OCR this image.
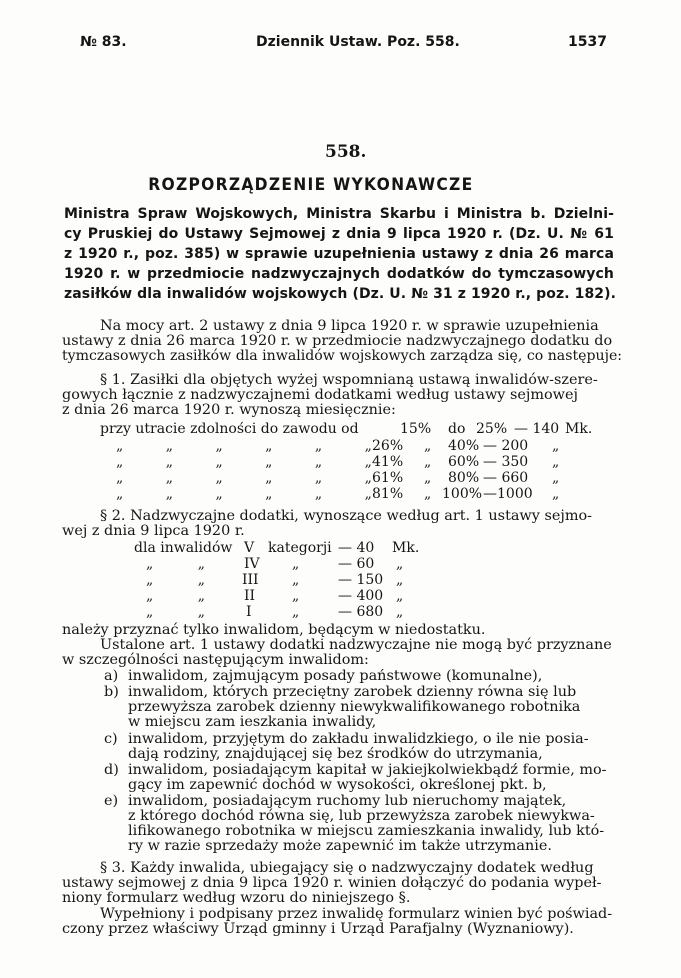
№ 83.	Dziennik Ustaw. Poz. 558.	1537
558.
ROZPORZĄDZENIE WYKONAWCZE
Ministra Spraw Wojskowych, Ministra Skarbu i Ministra b. Dzielni-
cy Pruskiej do Ustawy Sejmowej z dnia 9 lipca 1920 r. (Dz. U. № 61
z 1920 r., poz. 385) w sprawie uzupełnienia ustawy z dnia 26 marca
1920 r. w przedmiocie nadzwyczajnych dodatków do tymczasowych
zasiłków dla inwalidów wojskowych (Dz. U. № 31 z 1920 r., poz. 182).
Na mocy art. 2 ustawy z dnia 9 lipca 1920 r. w sprawie uzupełnienia
ustawy z dnia 26 marca 1920 r. w przedmiocie nadzwyczajnego dodatku do
tymczasowych zasiłków dla inwalidów wojskowych zarządza się, co następuje:
§ 1. Zasiłki dla objętych wyżej wspomnianą ustawą inwalidów-szere-
gowych łącznie z nadzwyczajnemi dodatkami według ustawy sejmowej
z dnia 26 marca 1920 r. wynoszą miesięcznie:
przy utracie zdolności do zawodu od	15% do 25% — 140 Mk.
„	„	„	„	„	„ 26% „ 40% — 200 „
„	„	„	„	„	„ 41% „ 60% — 350 „
„	„	„	„	„	„ 61% „ 80% — 660 „
„	„	„	„	„	„ 81% „ 100% —1000 „
§ 2. Nadzwyczajne dodatki, wynoszące według art. 1 ustawy sejmo-
wej z dnia 9 lipca 1920 r.
dla inwalidów V kategorji — 40 Mk.
„	„	IV „	— 60 „
„	„	III „	— 150 „
„	„	II	„	— 400 „
„	„	I	„	— 680 „
należy przyznać tylko inwalidom, będącym w niedostatku.
Ustalone art. 1 ustawy dodatki nadzwyczajne nie mogą być przyznane
w szczególności następującym inwalidom:
a) inwalidom, zajmującym posady państwowe (komunalne),
b) inwalidom, których przeciętny zarobek dzienny równa się lub
przewyższa zarobek dzienny niewykwalifikowanego robotnika
w miejscu zam ieszkania inwalidy,
c) inwalidom, przyjętym do zakładu inwalidzkiego, o ile nie posia-
dają rodziny, znajdującej się bez środków do utrzymania,
d) inwalidom, posiadającym kapitał w jakiejkolwiekbądź formie, mo-
gący im zapewnić dochód w wysokości, określonej pkt. b,
e) inwalidom, posiadającym ruchomy lub nieruchomy majątek,
z którego dochód równa się, lub przewyższa zarobek niewykwa-
lifikowanego robotnika w miejscu zamieszkania inwalidy, lub któ-
ry w razie sprzedaży może zapewnić im także utrzymanie.
§ 3. Każdy inwalida, ubiegający się o nadzwyczajny dodatek według
ustawy sejmowej z dnia 9 lipca 1920 r. winien dołączyć do podania wypeł-
niony formularz według wzoru do niniejszego §.
Wypełniony i podpisany przez inwalidę formularz winien być poświad-
czony przez właściwy Urząd gminny i Urząd Parafjalny (Wyznaniowy).
